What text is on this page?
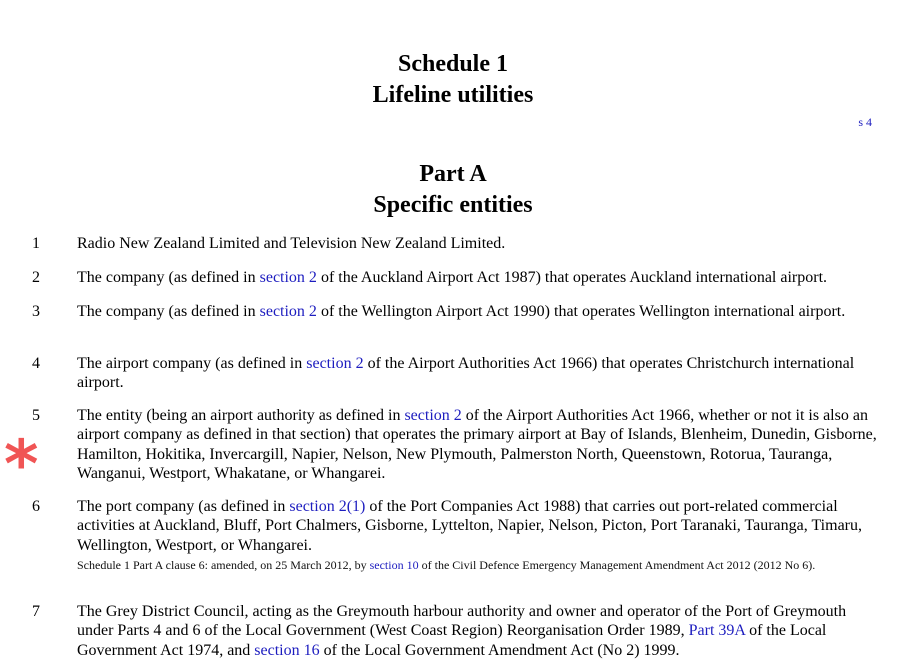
Schedule 1
Lifeline utilities
s 4
Part A
Specific entities
*
1 Radio New Zealand Limited and Television New Zealand Limited.
2 The company (as defined in section 2 of the Auckland Airport Act 1987) that operates Auckland international airport.
3 The company (as defined in section 2 of the Wellington Airport Act 1990) that operates Wellington international airport.
4 The airport company (as defined in section 2 of the Airport Authorities Act 1966) that operates Christchurch international airport.
5 The entity (being an airport authority as defined in section 2 of the Airport Authorities Act 1966, whether or not it is also an airport company as defined in that section) that operates the primary airport at Bay of Islands, Blenheim, Dunedin, Gisborne, Hamilton, Hokitika, Invercargill, Napier, Nelson, New Plymouth, Palmerston North, Queenstown, Rotorua, Tauranga, Wanganui, Westport, Whakatane, or Whangarei.
6 The port company (as defined in section 2(1) of the Port Companies Act 1988) that carries out port-related commercial activities at Auckland, Bluff, Port Chalmers, Gisborne, Lyttelton, Napier, Nelson, Picton, Port Taranaki, Tauranga, Timaru, Wellington, Westport, or Whangarei.
Schedule 1 Part A clause 6: amended, on 25 March 2012, by section 10 of the Civil Defence Emergency Management Amendment Act 2012 (2012 No 6).
7 The Grey District Council, acting as the Greymouth harbour authority and owner and operator of the Port of Greymouth under Parts 4 and 6 of the Local Government (West Coast Region) Reorganisation Order 1989, Part 39A of the Local Government Act 1974, and section 16 of the Local Government Amendment Act (No 2) 1999.
